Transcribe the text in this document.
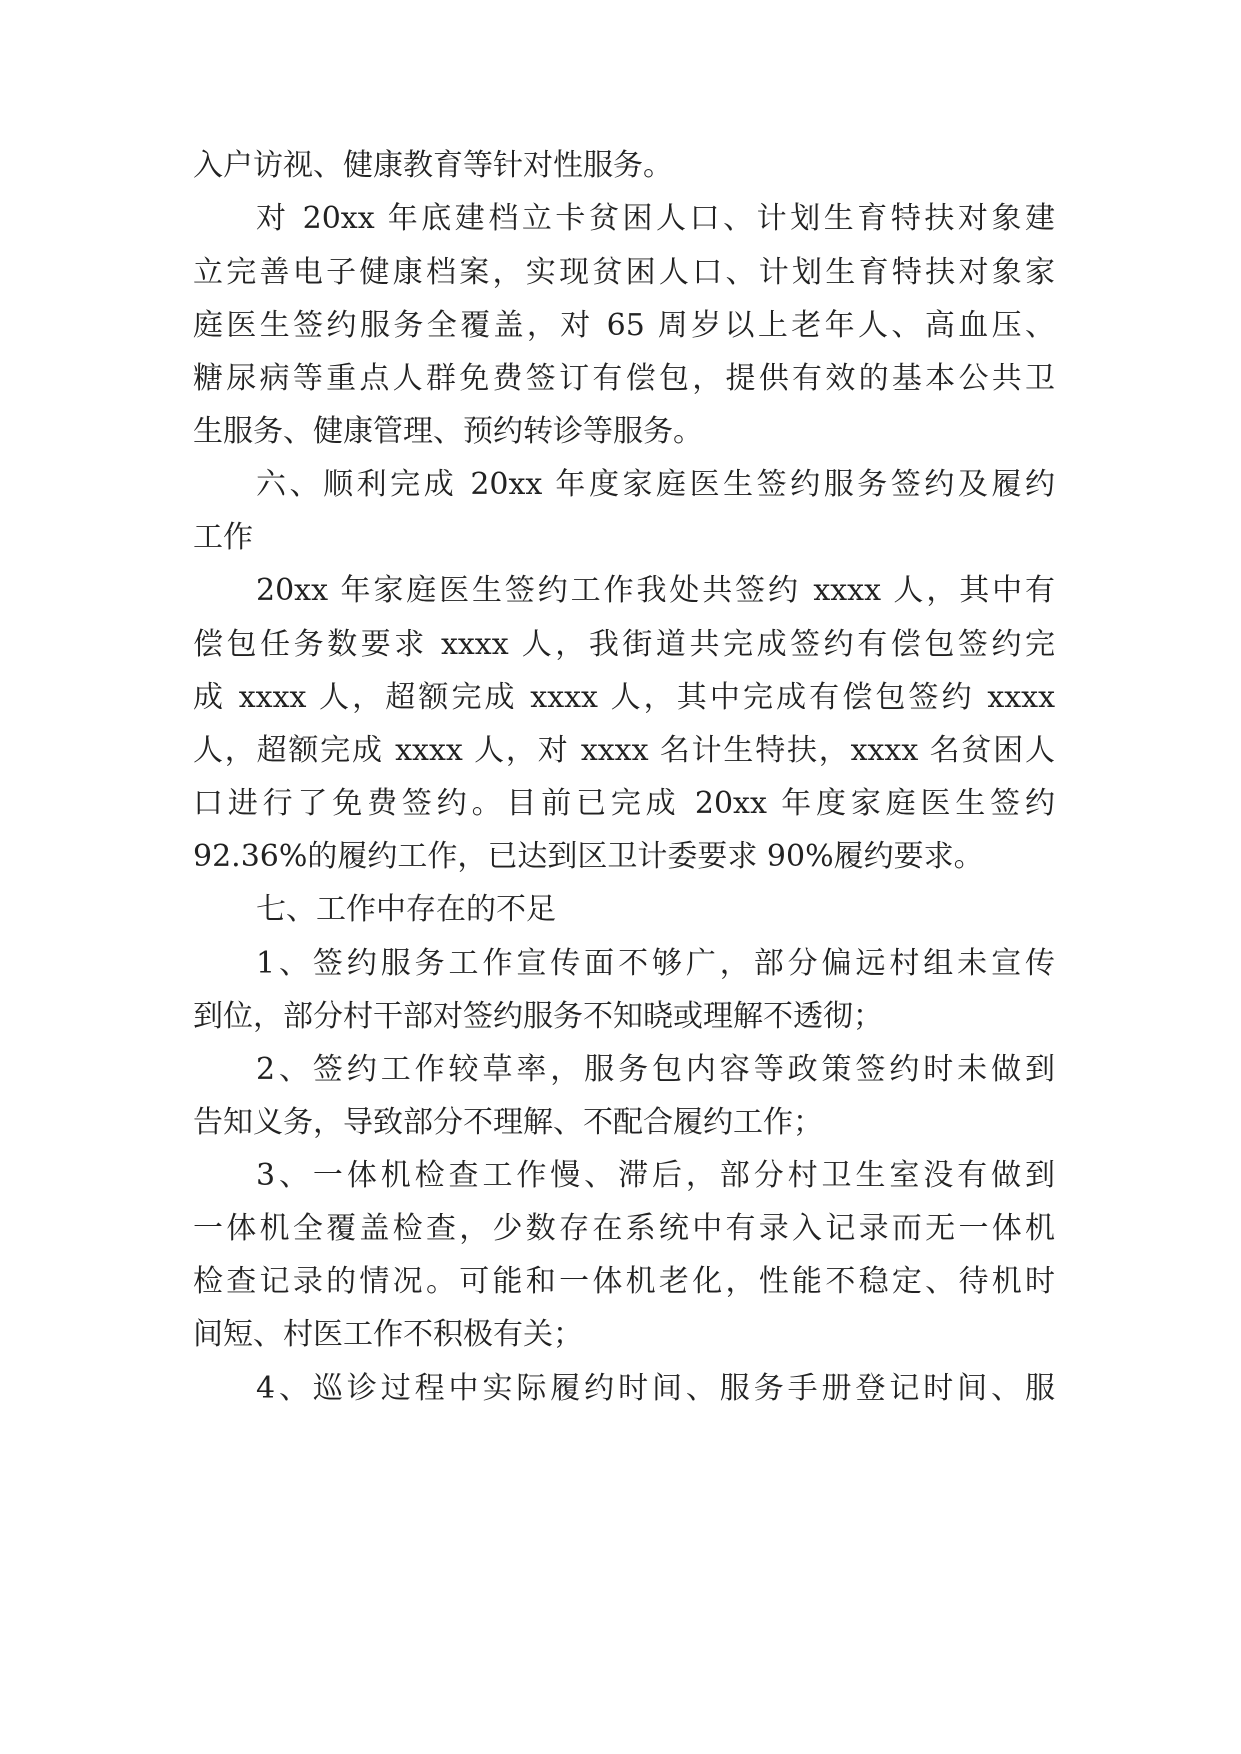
入户访视、健康教育等针对性服务。
对 20xx 年底建档立卡贫困人口、计划生育特扶对象建
立完善电子健康档案，实现贫困人口、计划生育特扶对象家
庭医生签约服务全覆盖，对 65 周岁以上老年人、高血压、
糖尿病等重点人群免费签订有偿包，提供有效的基本公共卫
生服务、健康管理、预约转诊等服务。
六、顺利完成 20xx 年度家庭医生签约服务签约及履约
工作
20xx 年家庭医生签约工作我处共签约 xxxx 人，其中有
偿包任务数要求 xxxx 人，我街道共完成签约有偿包签约完
成 xxxx 人，超额完成 xxxx 人，其中完成有偿包签约 xxxx
人，超额完成 xxxx 人，对 xxxx 名计生特扶，xxxx 名贫困人
口进行了免费签约。目前已完成 20xx 年度家庭医生签约
92.36%的履约工作，已达到区卫计委要求 90%履约要求。
七、工作中存在的不足
1、签约服务工作宣传面不够广，部分偏远村组未宣传
到位，部分村干部对签约服务不知晓或理解不透彻；
2、签约工作较草率，服务包内容等政策签约时未做到
告知义务，导致部分不理解、不配合履约工作；
3、一体机检查工作慢、滞后，部分村卫生室没有做到
一体机全覆盖检查，少数存在系统中有录入记录而无一体机
检查记录的情况。可能和一体机老化，性能不稳定、待机时
间短、村医工作不积极有关；
4、巡诊过程中实际履约时间、服务手册登记时间、服
